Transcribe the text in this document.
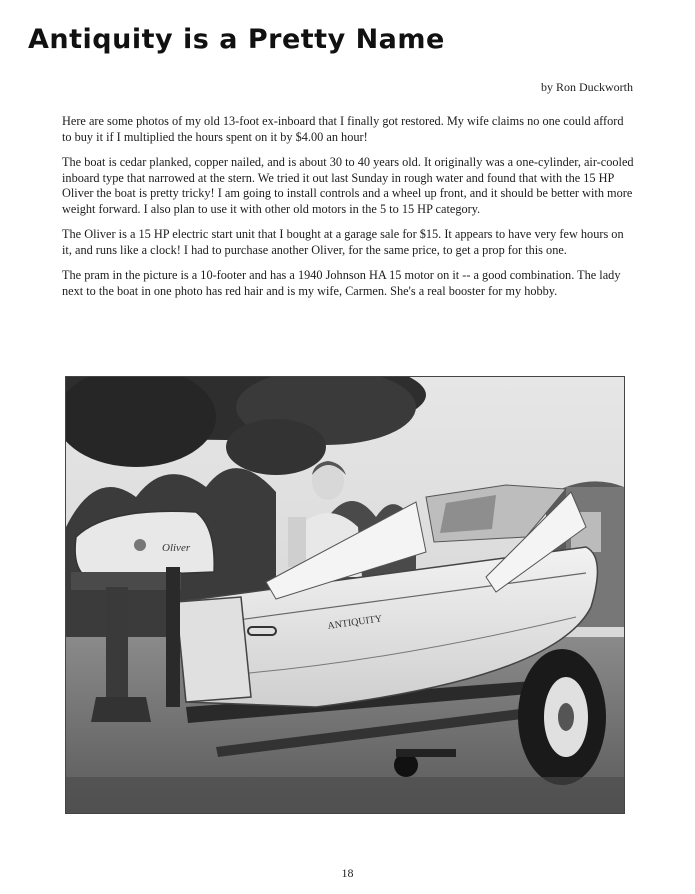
Antiquity is a Pretty Name
by Ron Duckworth

Here are some photos of my old 13-foot ex-inboard that I finally got restored. My wife claims no one could afford to buy it if I multiplied the hours spent on it by $4.00 an hour!

The boat is cedar planked, copper nailed, and is about 30 to 40 years old. It originally was a one-cylinder, air-cooled inboard type that narrowed at the stern. We tried it out last Sunday in rough water and found that with the 15 HP Oliver the boat is pretty tricky! I am going to install controls and a wheel up front, and it should be better with more weight forward. I also plan to use it with other old motors in the 5 to 15 HP category.

The Oliver is a 15 HP electric start unit that I bought at a garage sale for $15. It appears to have very few hours on it, and runs like a clock! I had to purchase another Oliver, for the same price, to get a prop for this one.

The pram in the picture is a 10-footer and has a 1940 Johnson HA 15 motor on it -- a good combination. The lady next to the boat in one photo has red hair and is my wife, Carmen. She's a real booster for my hobby.

ANTIQUITY
Oliver
18
